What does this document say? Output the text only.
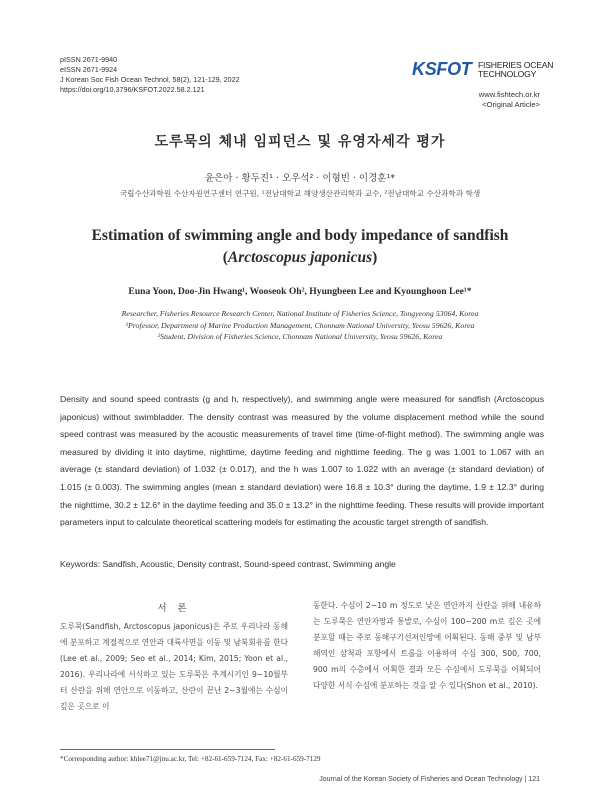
pISSN 2671-9940
eISSN 2671-9924
J Korean Soc Fish Ocean Technol, 58(2), 121-129, 2022
https://doi.org/10.3796/KSFOT.2022.58.2.121
KSFOT FISHERIES OCEAN
TECHNOLOGY
www.fishtech.or.kr
<Original Article>
도루묵의 체내 임피던스 및 유영자세각 평가
윤은아 · 황두진¹ · 오우석² · 이형빈 · 이경훈¹*
국립수산과학원 수산자원연구센터 연구원, ¹전남대학교 해양생산관리학과 교수, ²전남대학교 수산과학과 학생
Estimation of swimming angle and body impedance of sandfish
(Arctoscopus japonicus)
Euna Yoon, Doo-Jin Hwang¹, Wooseok Oh², Hyungbeen Lee and Kyounghoon Lee¹*
Researcher, Fisheries Resource Research Center, National Institute of Fisheries Science, Tongyeong 53064, Korea
¹Professor, Department of Marine Production Management, Chonnam National University, Yeosu 59626, Korea
²Student, Division of Fisheries Science, Chonnam National University, Yeosu 59626, Korea
Density and sound speed contrasts (g and h, respectively), and swimming angle were measured for sandfish (Arctoscopus japonicus) without swimbladder. The density contrast was measured by the volume displacement method while the sound speed contrast was measured by the acoustic measurements of travel time (time-of-flight method). The swimming angle was measured by dividing it into daytime, nighttime, daytime feeding and nighttime feeding. The g was 1.001 to 1.067 with an average (± standard deviation) of 1.032 (± 0.017), and the h was 1.007 to 1.022 with an average (± standard deviation) of 1.015 (± 0.003). The swimming angles (mean ± standard deviation) were 16.8 ± 10.3° during the daytime, 1.9 ± 12.3° during the nighttime, 30.2 ± 12.6° in the daytime feeding and 35.0 ± 13.2° in the nighttime feeding. These results will provide important parameters input to calculate theoretical scattering models for estimating the acoustic target strength of sandfish.
Keywords: Sandfish, Acoustic, Density contrast, Sound-speed contrast, Swimming angle
서 론
도루묵(Sandfish, Arctoscopus japonicus)은 주로 우리나라 동해에 분포하고 계절적으로 연안과 대륙사면을 이동 및 남북회유를 한다(Lee et al., 2009; Seo et al., 2014; Kim, 2015; Yoon et al., 2016). 우리나라에 서식하고 있는 도루묵은 추계시기인 9~10월부터 산란을 위해 연안으로 이동하고, 산란이 끝난 2~3월에는 수심이 깊은 곳으로 이
동한다. 수심이 2~10 m 정도로 낮은 연안까지 산란을 위해 내유하는 도루묵은 연안자망과 통발로, 수심이 100~200 m로 깊은 곳에 분포할 때는 주로 동해구기선저인망에 어획된다. 동해 중부 및 남부해역인 삼척과 포항에서 트롤을 이용하여 수심 300, 500, 700, 900 m의 수층에서 어획한 결과 모든 수심에서 도루묵을 어획되어 다양한 서식 수심에 분포하는 것을 알 수 있다(Shon et al., 2010).
*Corresponding author: khlee71@jnu.ac.kr, Tel: +82-61-659-7124, Fax: +82-61-659-7129
Journal of the Korean Society of Fisheries and Ocean Technology | 121
